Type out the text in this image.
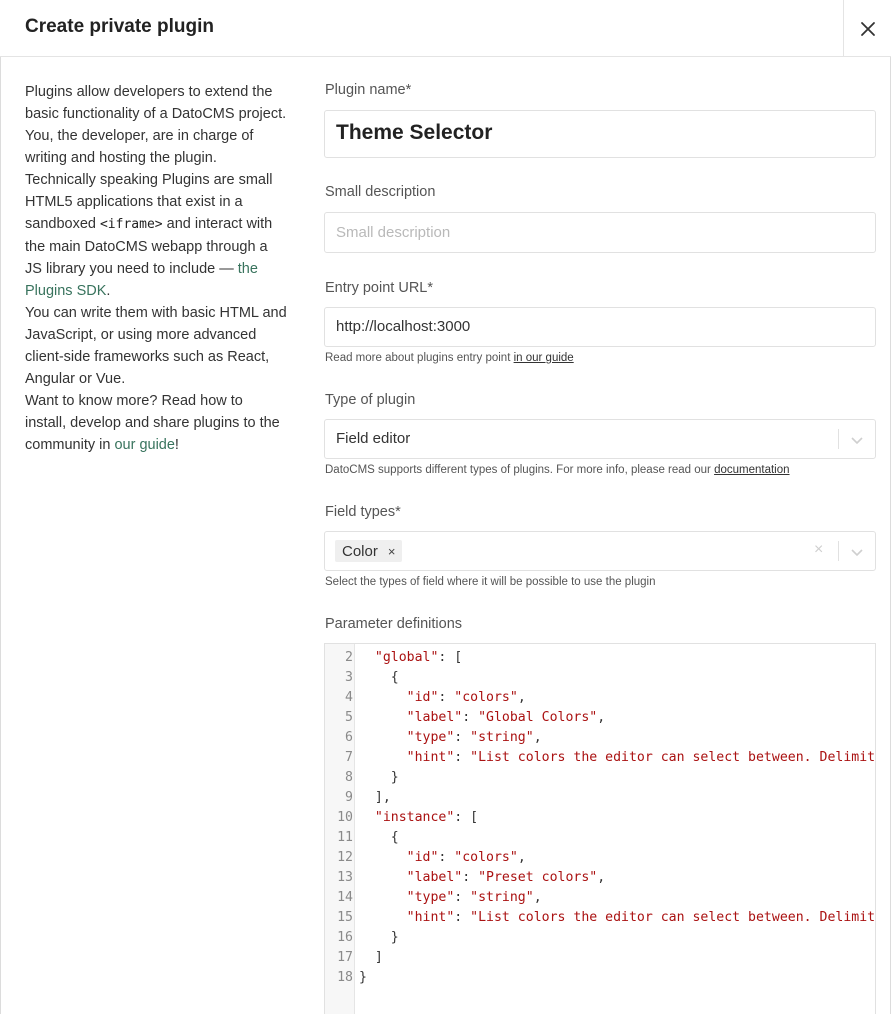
Create private plugin
Plugins allow developers to extend the basic functionality of a DatoCMS project. You, the developer, are in charge of writing and hosting the plugin.
Technically speaking Plugins are small HTML5 applications that exist in a sandboxed <iframe> and interact with the main DatoCMS webapp through a JS library you need to include — the Plugins SDK.
You can write them with basic HTML and JavaScript, or using more advanced client-side frameworks such as React, Angular or Vue.
Want to know more? Read how to install, develop and share plugins to the community in our guide!
Plugin name*
Theme Selector
Small description
Small description
Entry point URL*
http://localhost:3000
Read more about plugins entry point in our guide
Type of plugin
Field editor
DatoCMS supports different types of plugins. For more info, please read our documentation
Field types*
Color ×	×
Select the types of field where it will be possible to use the plugin
Parameter definitions
2	"global": [
3	{
4	"id": "colors",
5	"label": "Global Colors",
6	"type": "string",
7	"hint": "List colors the editor can select between. Delimit
8	}
9	],
10	"instance": [
11	{
12	"id": "colors",
13	"label": "Preset colors",
14	"type": "string",
15	"hint": "List colors the editor can select between. Delimit
16	}
17	]
18 }
